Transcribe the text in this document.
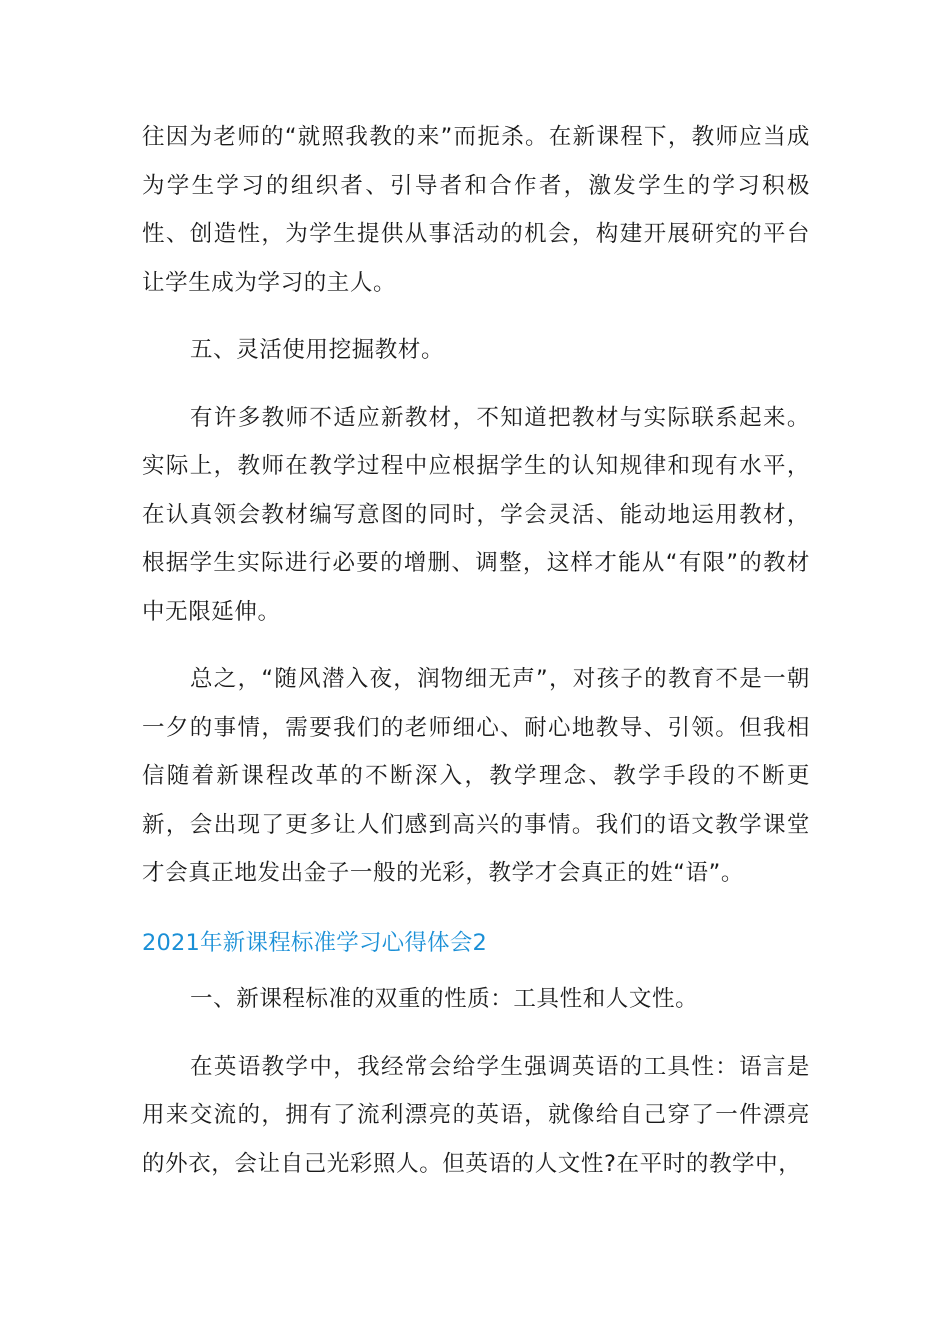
往因为老师的“就照我教的来”而扼杀。在新课程下，教师应当成为学生学习的组织者、引导者和合作者，激发学生的学习积极性、创造性，为学生提供从事活动的机会，构建开展研究的平台让学生成为学习的主人。

五、灵活使用挖掘教材。

有许多教师不适应新教材，不知道把教材与实际联系起来。实际上，教师在教学过程中应根据学生的认知规律和现有水平，在认真领会教材编写意图的同时，学会灵活、能动地运用教材，根据学生实际进行必要的增删、调整，这样才能从“有限”的教材中无限延伸。

总之，“随风潜入夜，润物细无声”，对孩子的教育不是一朝一夕的事情，需要我们的老师细心、耐心地教导、引领。但我相信随着新课程改革的不断深入，教学理念、教学手段的不断更新，会出现了更多让人们感到高兴的事情。我们的语文教学课堂才会真正地发出金子一般的光彩，教学才会真正的姓“语”。

2021年新课程标准学习心得体会2

一、新课程标准的双重的性质：工具性和人文性。

在英语教学中，我经常会给学生强调英语的工具性：语言是用来交流的，拥有了流利漂亮的英语，就像给自己穿了一件漂亮的外衣，会让自己光彩照人。但英语的人文性?在平时的教学中，
